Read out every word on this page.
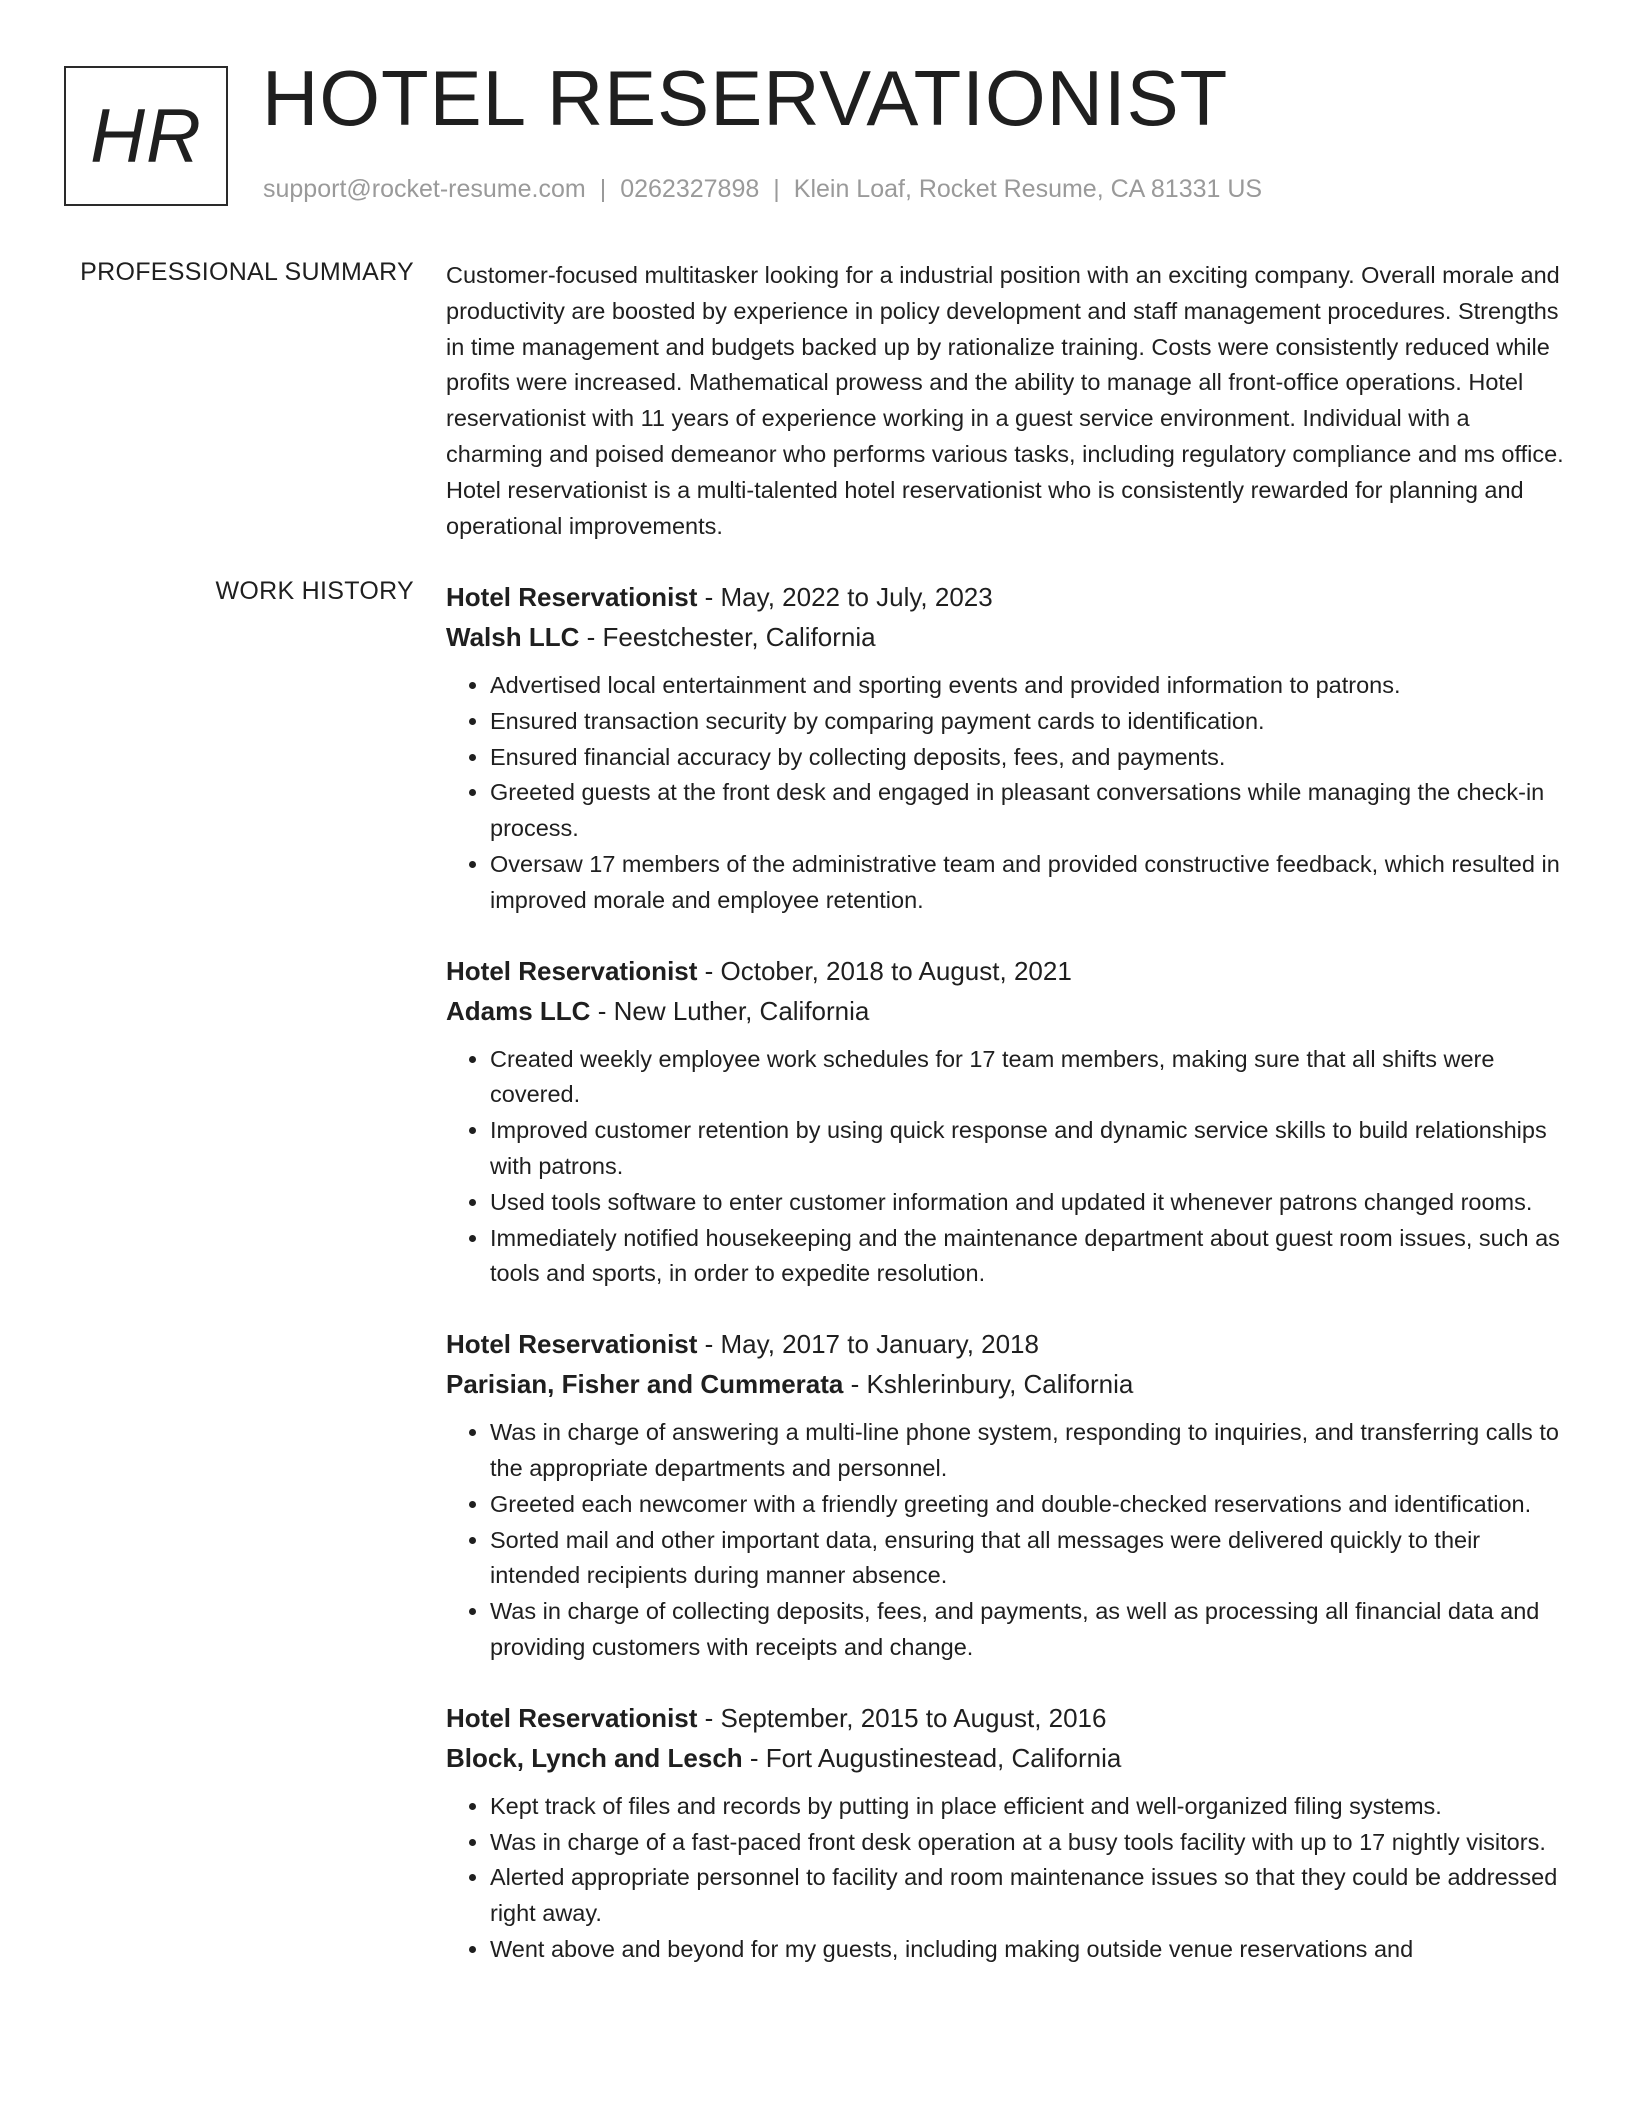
HR HOTEL RESERVATIONIST
support@rocket-resume.com | 0262327898 | Klein Loaf, Rocket Resume, CA 81331 US
PROFESSIONAL SUMMARY Customer-focused multitasker looking for a industrial position with an exciting company. Overall morale and productivity are boosted by experience in policy development and staff management procedures. Strengths in time management and budgets backed up by rationalize training. Costs were consistently reduced while profits were increased. Mathematical prowess and the ability to manage all front-office operations. Hotel reservationist with 11 years of experience working in a guest service environment. Individual with a charming and poised demeanor who performs various tasks, including regulatory compliance and ms office. Hotel reservationist is a multi-talented hotel reservationist who is consistently rewarded for planning and operational improvements.
WORK HISTORY Hotel Reservationist - May, 2022 to July, 2023
Walsh LLC - Feestchester, California
• Advertised local entertainment and sporting events and provided information to patrons.
• Ensured transaction security by comparing payment cards to identification.
• Ensured financial accuracy by collecting deposits, fees, and payments.
• Greeted guests at the front desk and engaged in pleasant conversations while managing the check-in process.
• Oversaw 17 members of the administrative team and provided constructive feedback, which resulted in improved morale and employee retention.
Hotel Reservationist - October, 2018 to August, 2021
Adams LLC - New Luther, California
• Created weekly employee work schedules for 17 team members, making sure that all shifts were covered.
• Improved customer retention by using quick response and dynamic service skills to build relationships with patrons.
• Used tools software to enter customer information and updated it whenever patrons changed rooms.
• Immediately notified housekeeping and the maintenance department about guest room issues, such as tools and sports, in order to expedite resolution.
Hotel Reservationist - May, 2017 to January, 2018
Parisian, Fisher and Cummerata - Kshlerinbury, California
• Was in charge of answering a multi-line phone system, responding to inquiries, and transferring calls to the appropriate departments and personnel.
• Greeted each newcomer with a friendly greeting and double-checked reservations and identification.
• Sorted mail and other important data, ensuring that all messages were delivered quickly to their intended recipients during manner absence.
• Was in charge of collecting deposits, fees, and payments, as well as processing all financial data and providing customers with receipts and change.
Hotel Reservationist - September, 2015 to August, 2016
Block, Lynch and Lesch - Fort Augustinestead, California
• Kept track of files and records by putting in place efficient and well-organized filing systems.
• Was in charge of a fast-paced front desk operation at a busy tools facility with up to 17 nightly visitors.
• Alerted appropriate personnel to facility and room maintenance issues so that they could be addressed right away.
• Went above and beyond for my guests, including making outside venue reservations and
